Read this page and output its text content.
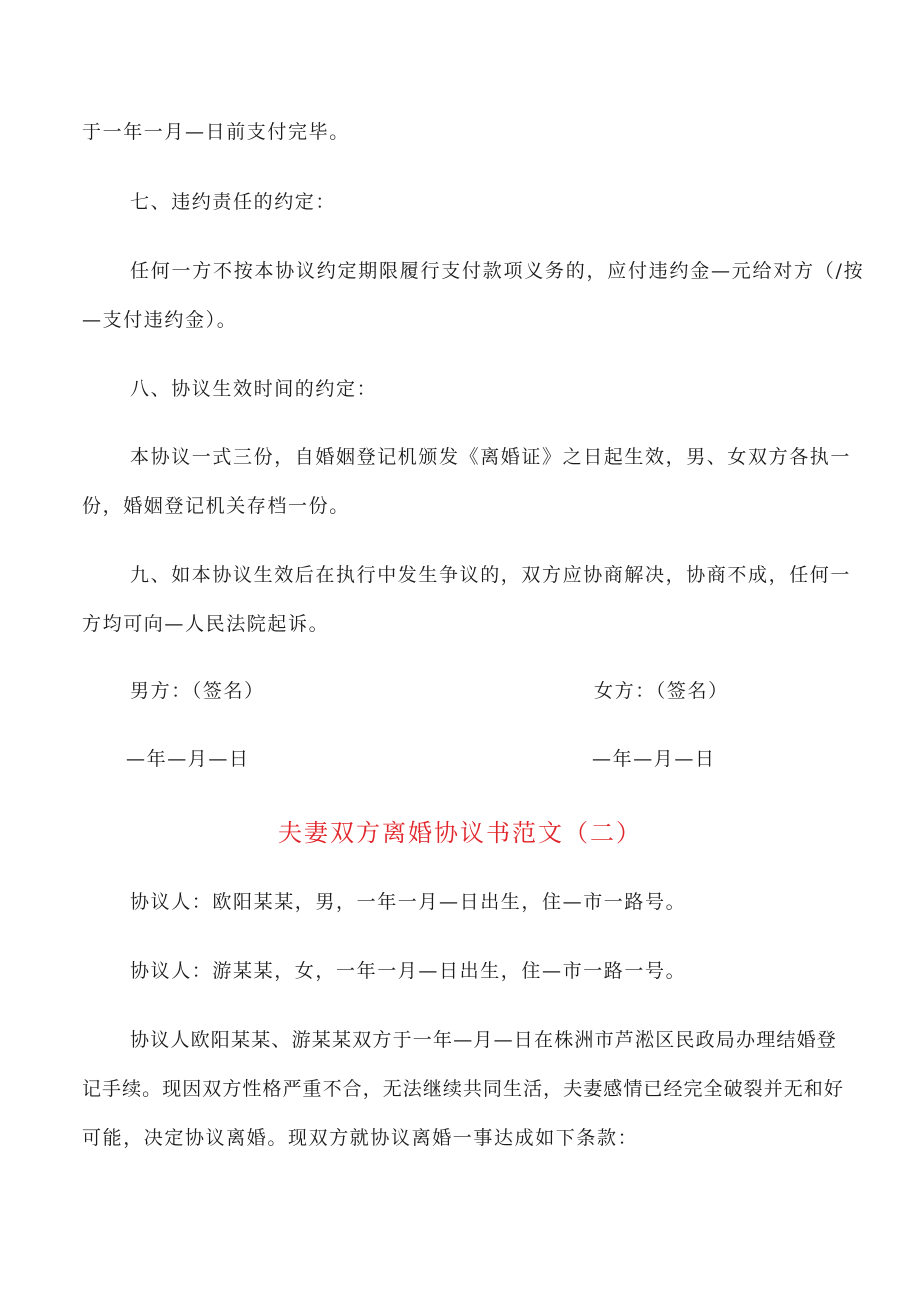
于一年一月—日前支付完毕。
七、违约责任的约定：
任何一方不按本协议约定期限履行支付款项义务的，应付违约金—元给对方（/按
—支付违约金）。
八、协议生效时间的约定：
本协议一式三份，自婚姻登记机颁发《离婚证》之日起生效，男、女双方各执一
份，婚姻登记机关存档一份。
九、如本协议生效后在执行中发生争议的，双方应协商解决，协商不成，任何一
方均可向—人民法院起诉。
男方：（签名）	女方：（签名）
—年—月—日	—年—月—日
夫妻双方离婚协议书范文（二）
协议人：欧阳某某，男，一年一月—日出生，住—市一路号。
协议人：游某某，女，一年一月—日出生，住—市一路一号。
协议人欧阳某某、游某某双方于一年—月—日在株洲市芦淞区民政局办理结婚登
记手续。现因双方性格严重不合，无法继续共同生活，夫妻感情已经完全破裂并无和好
可能，决定协议离婚。现双方就协议离婚一事达成如下条款：
